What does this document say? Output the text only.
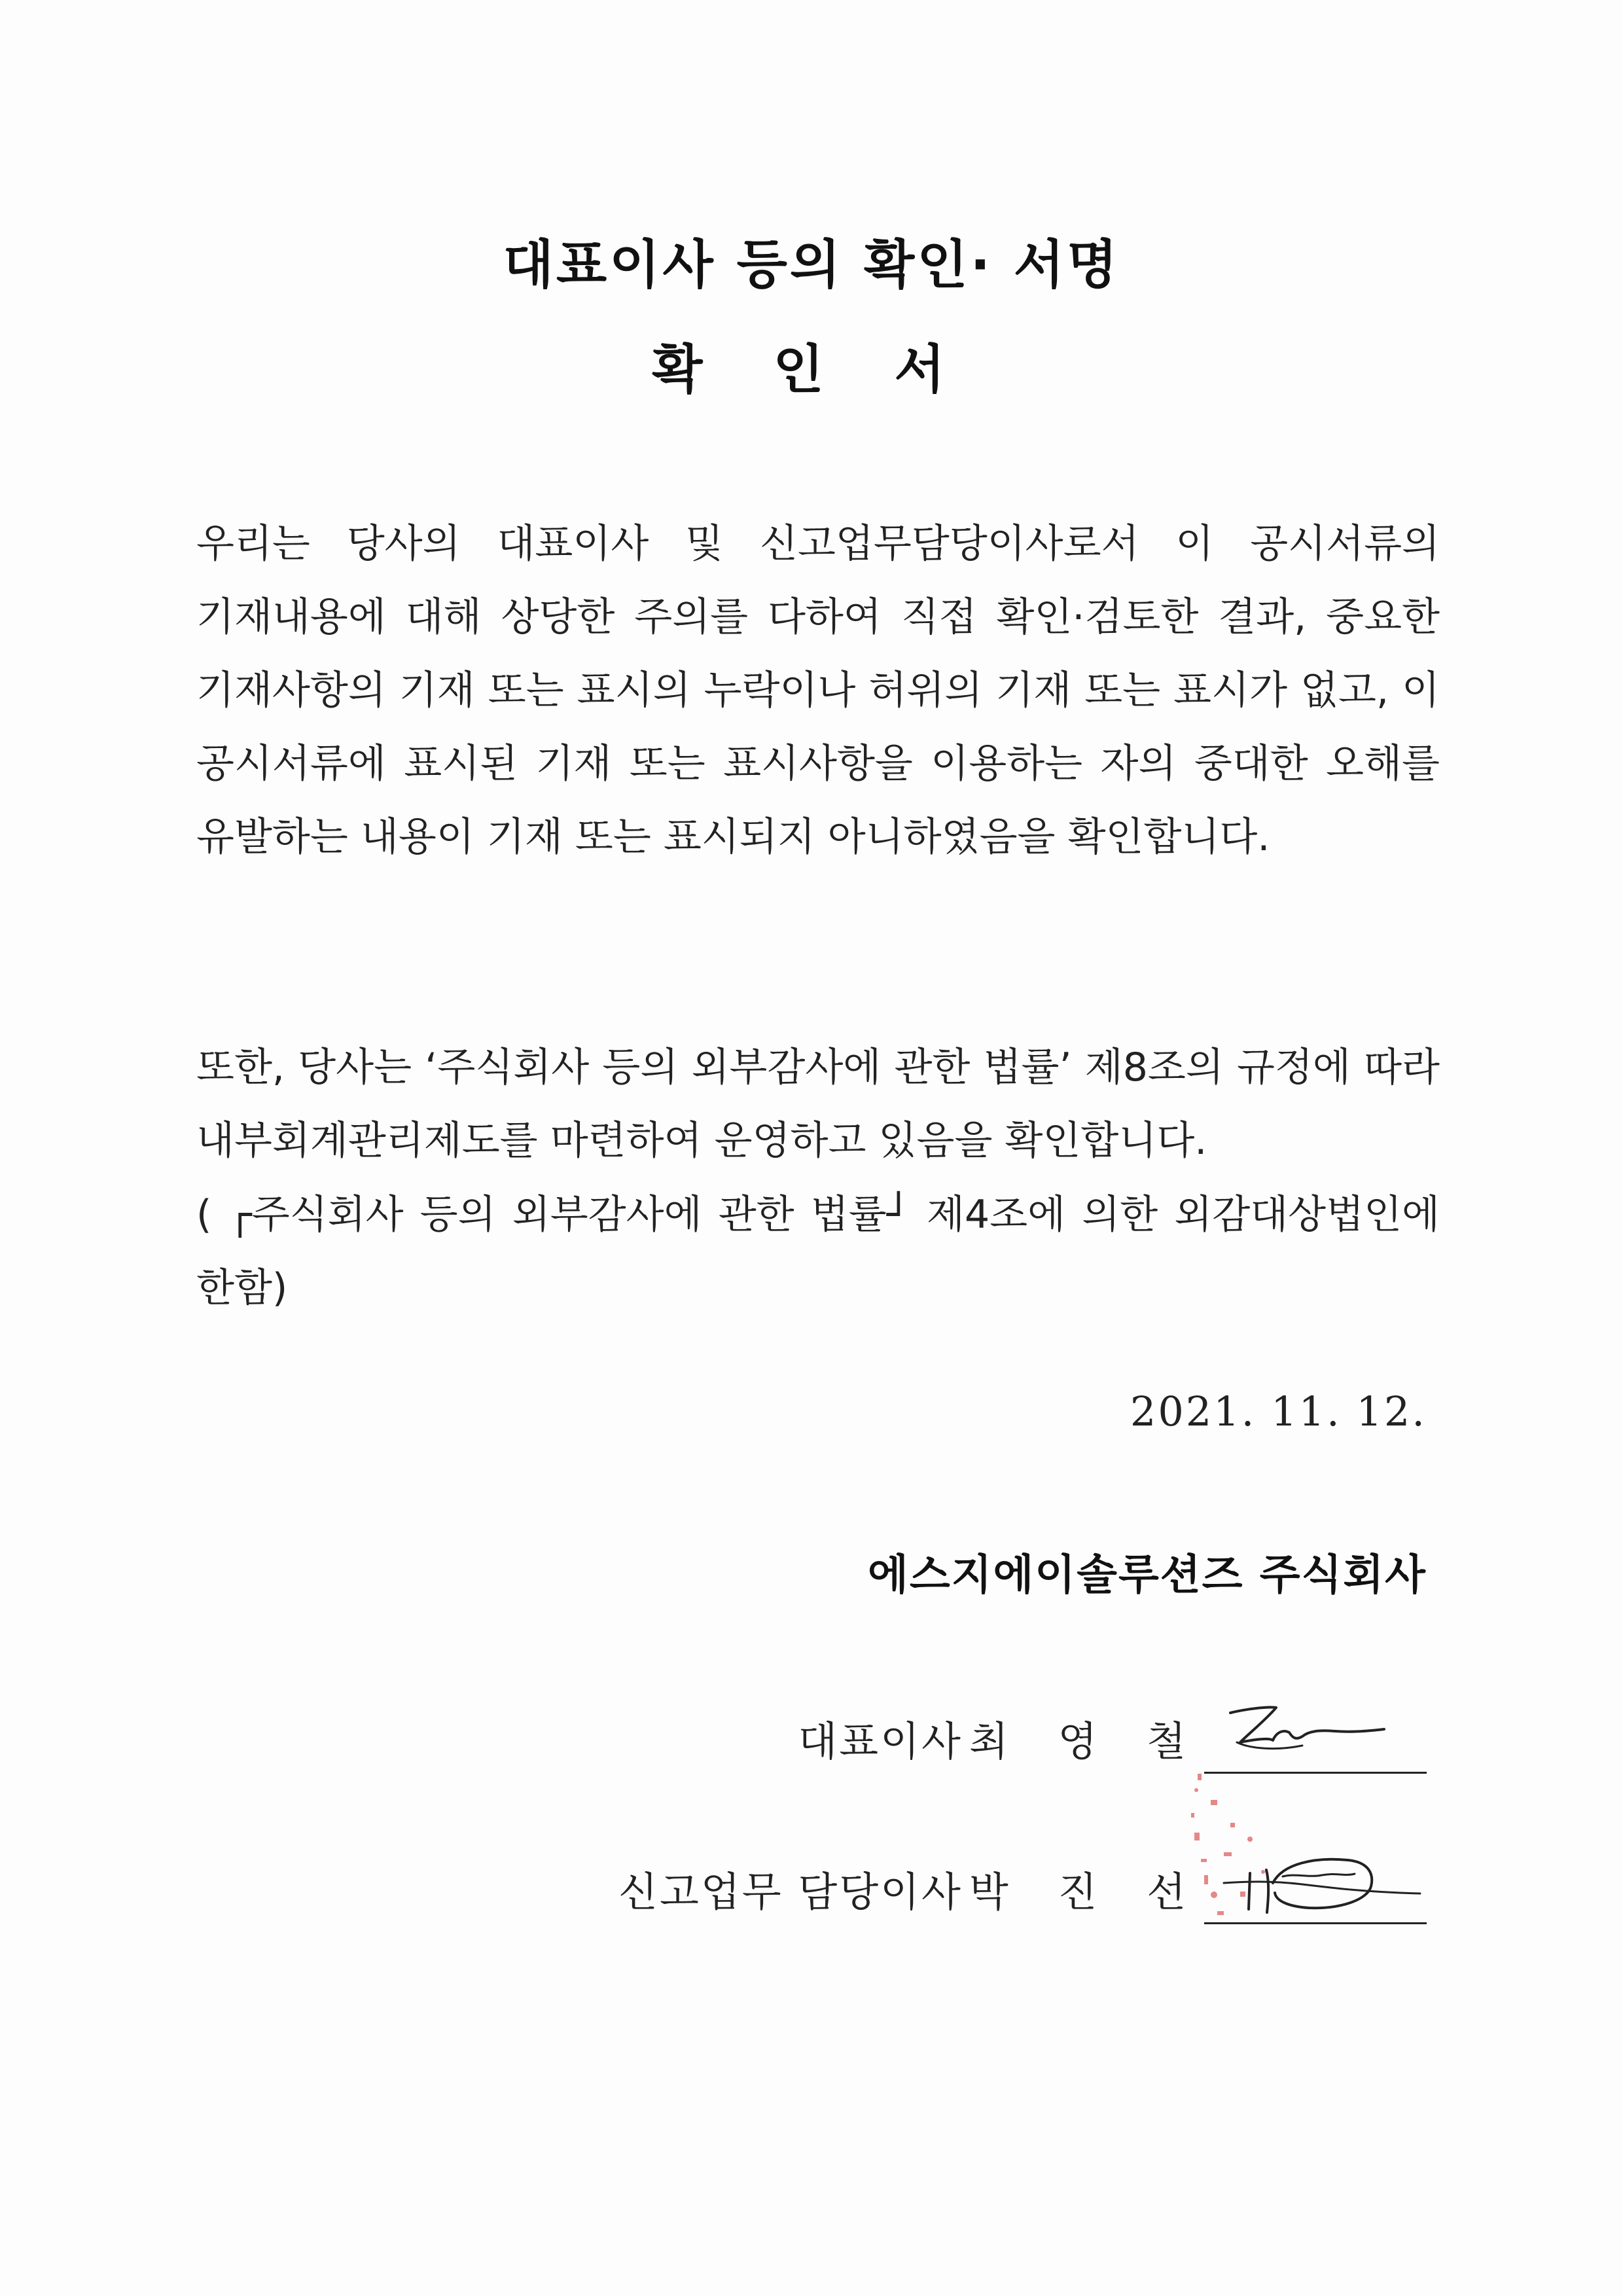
대표이사 등의 확인· 서명
확 인 서
우리는 당사의 대표이사 및 신고업무담당이사로서 이 공시서류의 기재내용에 대해 상당한 주의를 다하여 직접 확인·검토한 결과, 중요한 기재사항의 기재 또는 표시의 누락이나 허위의 기재 또는 표시가 없고, 이 공시서류에 표시된 기재 또는 표시사항을 이용하는 자의 중대한 오해를 유발하는 내용이 기재 또는 표시되지 아니하였음을 확인합니다.
또한, 당사는 ‘주식회사 등의 외부감사에 관한 법률’ 제8조의 규정에 따라 내부회계관리제도를 마련하여 운영하고 있음을 확인합니다.
( ┌주식회사 등의 외부감사에 관한 법률┘ 제4조에 의한 외감대상법인에 한함)
2021. 11. 12.
에스지에이솔루션즈 주식회사
대표이사 최 영 철
신고업무 담당이사 박 진 선
